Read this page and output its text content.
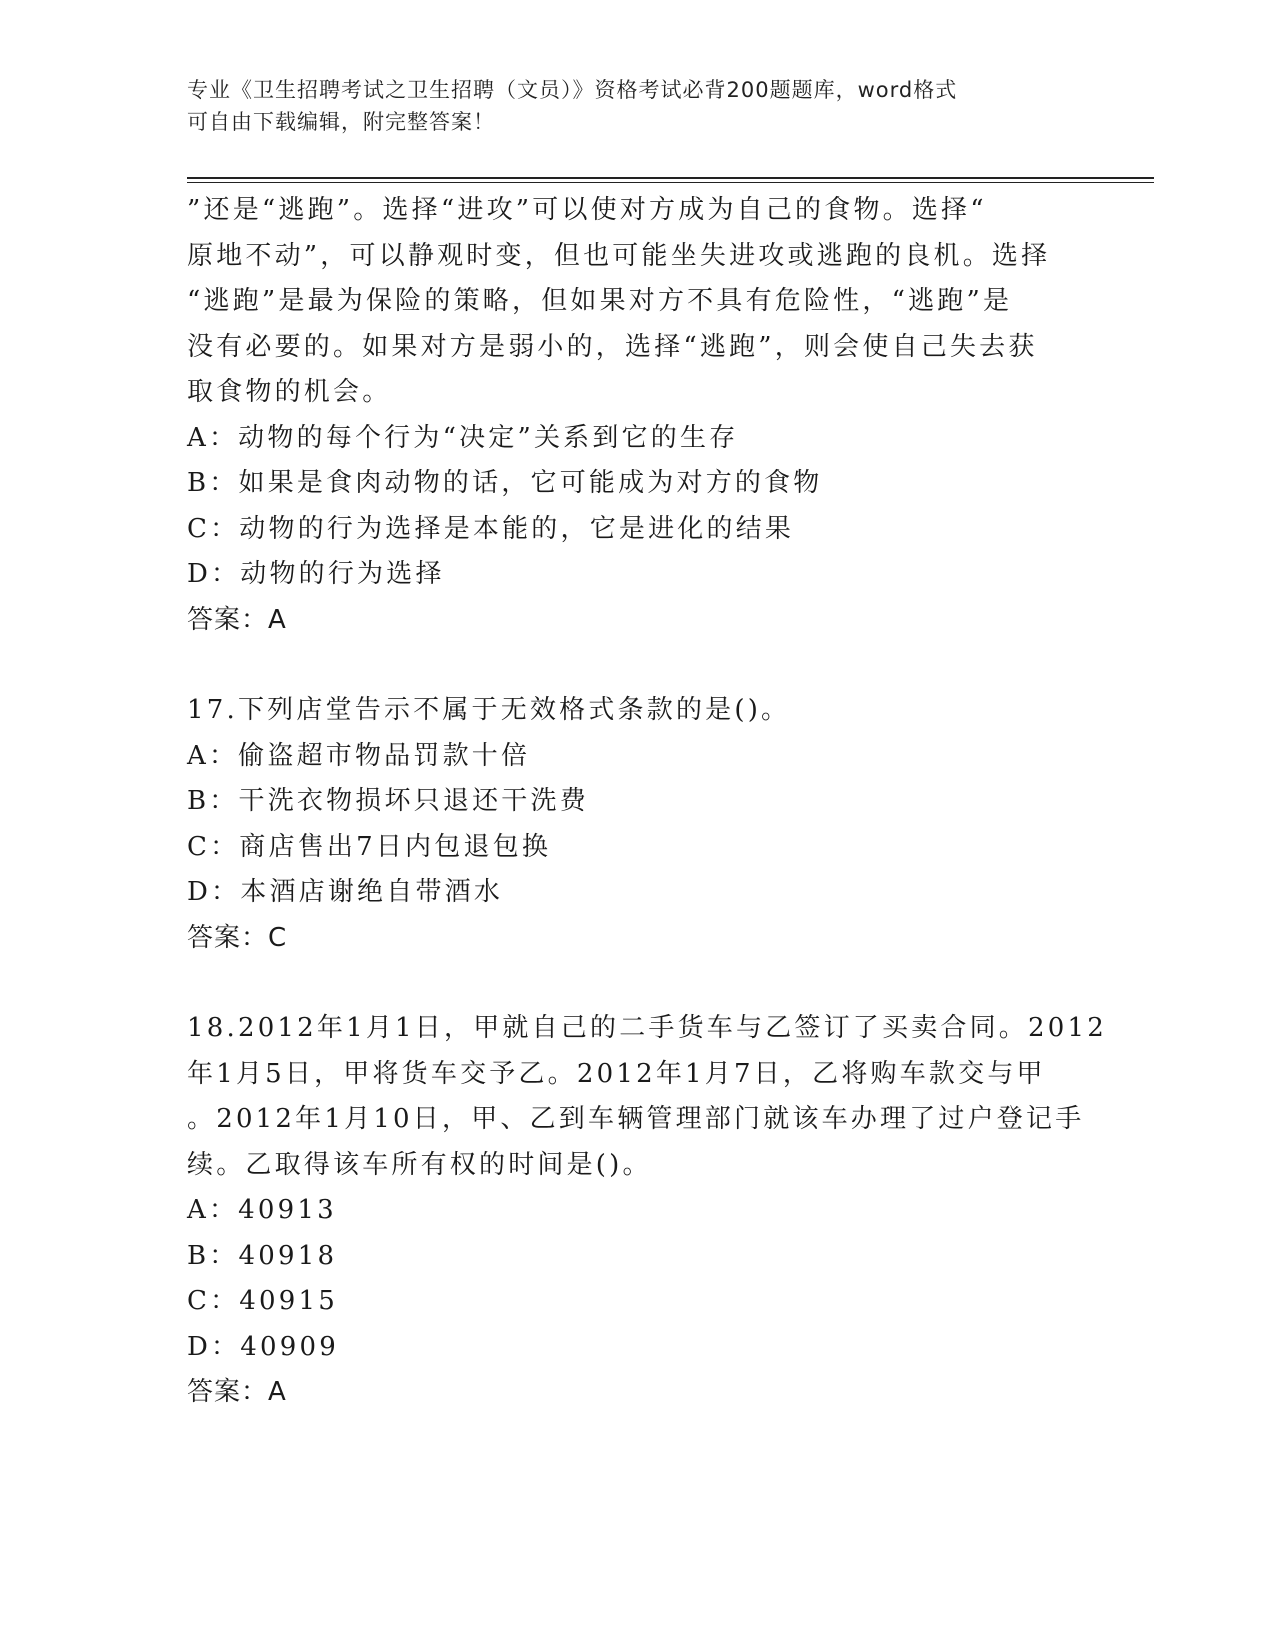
专业《卫生招聘考试之卫生招聘（文员）》资格考试必背200题题库，word格式
可自由下载编辑，附完整答案！
”还是“逃跑”。选择“进攻”可以使对方成为自己的食物。选择“
原地不动”，可以静观时变，但也可能坐失进攻或逃跑的良机。选择
“逃跑”是最为保险的策略，但如果对方不具有危险性，“逃跑”是
没有必要的。如果对方是弱小的，选择“逃跑”，则会使自己失去获
取食物的机会。
A：动物的每个行为“决定”关系到它的生存
B：如果是食肉动物的话，它可能成为对方的食物
C：动物的行为选择是本能的，它是进化的结果
D：动物的行为选择
答案：A
17.下列店堂告示不属于无效格式条款的是()。
A：偷盗超市物品罚款十倍
B：干洗衣物损坏只退还干洗费
C：商店售出7日内包退包换
D：本酒店谢绝自带酒水
答案：C
18.2012年1月1日，甲就自己的二手货车与乙签订了买卖合同。2012
年1月5日，甲将货车交予乙。2012年1月7日，乙将购车款交与甲
。2012年1月10日，甲、乙到车辆管理部门就该车办理了过户登记手
续。乙取得该车所有权的时间是()。
A：40913
B：40918
C：40915
D：40909
答案：A
